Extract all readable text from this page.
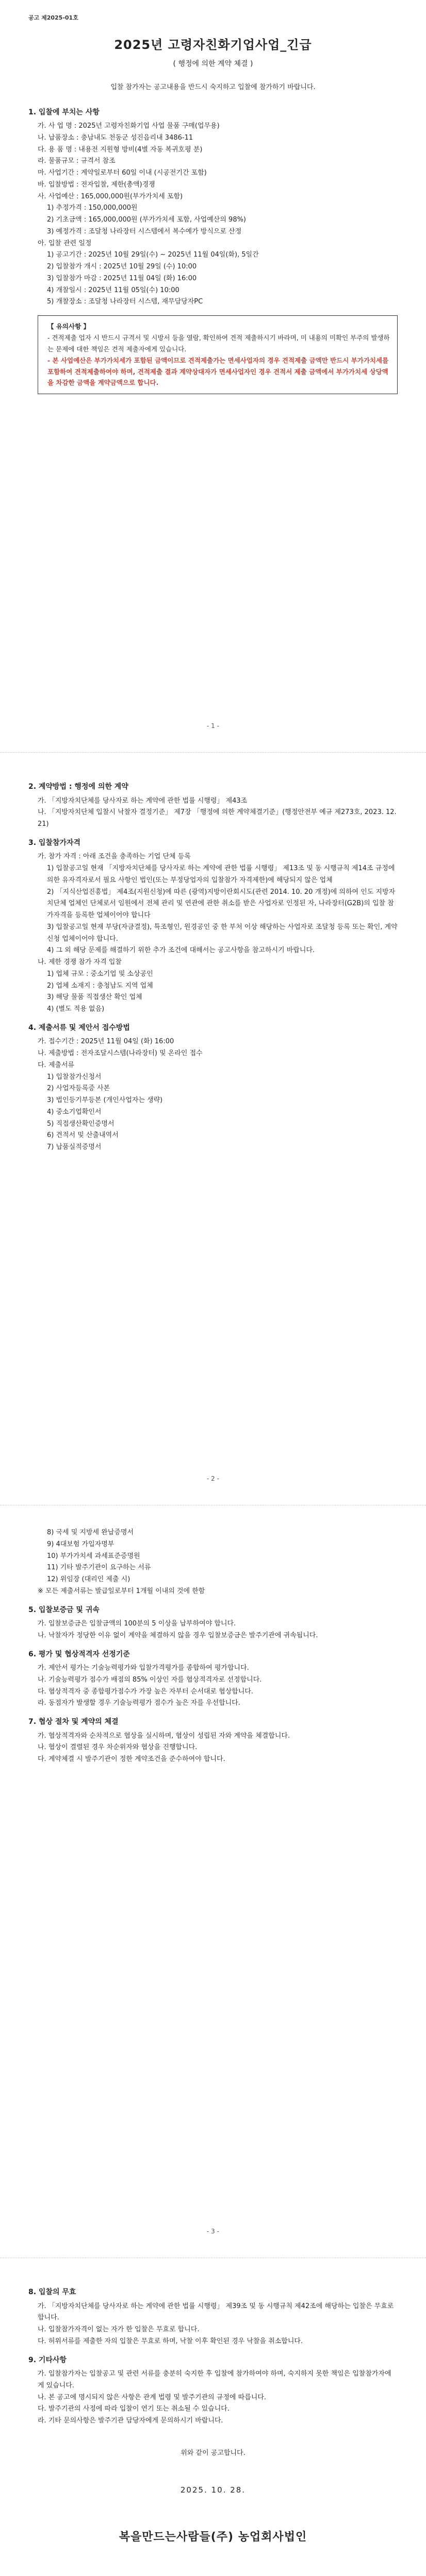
공고 제2025-01호
2025년 고령자친화기업사업_긴급
( 행정에 의한 계약 체결 )
입찰 참가자는 공고내용을 반드시 숙지하고 입찰에 참가하기 바랍니다.
1. 입찰에 부치는 사항
가. 사 업 명 : 2025년 고령자친화기업 사업 물품 구매(업무용)
나. 납품장소 : 충남내도 천동군 성진읍리내 3486-11
다. 용 품 명 : 내용전 지원형 방비(4별 자동 복귀호평 분)
라. 물품규모 : 규격서 참조
마. 사업기간 : 계약일로부터 60일 이내 (시공전기간 포함)
바. 입찰방법 : 전자입찰, 제한(총액)경쟁
사. 사업예산 : 165,000,000원(부가가치세 포함)
1) 추정가격 : 150,000,000원
2) 기초금액 : 165,000,000원 (부가가치세 포함, 사업예산의 98%)
3) 예정가격 : 조달청 나라장터 시스템에서 복수예가 방식으로 산정
아. 입찰 관련 일정
1) 공고기간 : 2025년 10월 29일(수) ~ 2025년 11월 04일(화), 5일간
2) 입찰참가 개시 : 2025년 10월 29일 (수) 10:00
3) 입찰참가 마감 : 2025년 11월 04일 (화) 16:00
4) 개찰일시 : 2025년 11월 05일(수) 10:00
5) 개찰장소 : 조달청 나라장터 시스템, 재무담당자PC
【 유의사항 】
- 견적제출 업자 시 반드시 규격서 및 시방서 등을 열람, 확인하여 견적 제출하시기 바라며, 미 내용의 미확인 부주의 발생하는 문제에 대한 책임은 견적 제출자에게 있습니다.
- 본 사업예산은 부가가치세가 포함된 금액이므로 견적제출가는 면세사업자의 경우 견적제출 금액만 반드시 부가가치세를 포함하여 견적제출하여야 하며, 견적제출 결과 계약상대자가 면세사업자인 경우 견적서 제출 금액에서 부가가치세 상당액을 차감한 금액을 계약금액으로 합니다.
- 1 -
2. 계약방법 : 행정에 의한 계약
가. 「지방자치단체를 당사자로 하는 계약에 관한 법률 시행령」 제43조
나. 「지방자치단체 입찰시 낙찰자 결정기준」 제7장 「행정에 의한 계약체결기준」(행정안전부 예규 제273호, 2023. 12. 21)
3. 입찰참가자격
가. 참가 자격 : 아래 조건을 충족하는 기업 단체 등록
1) 입찰공고일 현재 「지방자치단체를 당사자로 하는 계약에 관한 법률 시행령」 제13조 및 동 시행규칙 제14조 규정에 의한 유자격자로서 필요 사항인 법인(또는 부정당업자의 입찰참가 자격제한)에 해당되지 않은 업체
2) 「지식산업진흥법」 제4조(지원신청)에 따른 (광역)지방이란회시도(관련 2014. 10. 20 개정)에 의하여 인도 지방자치단체 업체인 단체로서 임원에서 전체 관리 및 연관에 관한 취소를 받은 사업자로 인정된 자, 나라장터(G2B)의 입찰 참가자격을 등록한 업체이어야 합니다
3) 입찰공고일 현재 부당(자금결정), 특조형인, 원경공인 중 한 부처 이상 해당하는 사업자로 조달청 등록 또는 확인, 계약 신청 업체이어야 합니다.
4) 그 외 해당 문제를 해결하기 위한 추가 조건에 대해서는 공고사항을 참고하시기 바랍니다.
나. 제한 경쟁 참가 자격 입찰
1) 업체 규모 : 중소기업 및 소상공인
2) 업체 소재지 : 충청남도 지역 업체
3) 해당 물품 직접생산 확인 업체
4) (별도 적용 없음)
4. 제출서류 및 제안서 접수방법
가. 접수기간 : 2025년 11월 04일 (화) 16:00
나. 제출방법 : 전자조달시스템(나라장터) 및 온라인 접수
다. 제출서류
1) 입찰참가신청서
2) 사업자등록증 사본
3) 법인등기부등본 (개인사업자는 생략)
4) 중소기업확인서
5) 직접생산확인증명서
6) 견적서 및 산출내역서
7) 납품실적증명서
- 2 -
8) 국세 및 지방세 완납증명서
9) 4대보험 가입자명부
10) 부가가치세 과세표준증명원
11) 기타 발주기관이 요구하는 서류
12) 위임장 (대리인 제출 시)
※ 모든 제출서류는 발급일로부터 1개월 이내의 것에 한함
5. 입찰보증금 및 귀속
가. 입찰보증금은 입찰금액의 100분의 5 이상을 납부하여야 합니다.
나. 낙찰자가 정당한 이유 없이 계약을 체결하지 않을 경우 입찰보증금은 발주기관에 귀속됩니다.
6. 평가 및 협상적격자 선정기준
가. 제안서 평가는 기술능력평가와 입찰가격평가를 종합하여 평가합니다.
나. 기술능력평가 점수가 배점의 85% 이상인 자를 협상적격자로 선정합니다.
다. 협상적격자 중 종합평가점수가 가장 높은 자부터 순서대로 협상합니다.
라. 동점자가 발생할 경우 기술능력평가 점수가 높은 자를 우선합니다.
7. 협상 절차 및 계약의 체결
가. 협상적격자와 순차적으로 협상을 실시하며, 협상이 성립된 자와 계약을 체결합니다.
나. 협상이 결렬된 경우 차순위자와 협상을 진행합니다.
다. 계약체결 시 발주기관이 정한 계약조건을 준수하여야 합니다.
- 3 -
8. 입찰의 무효
가. 「지방자치단체를 당사자로 하는 계약에 관한 법률 시행령」 제39조 및 동 시행규칙 제42조에 해당하는 입찰은 무효로 합니다.
나. 입찰참가자격이 없는 자가 한 입찰은 무효로 합니다.
다. 허위서류를 제출한 자의 입찰은 무효로 하며, 낙찰 이후 확인된 경우 낙찰을 취소합니다.
9. 기타사항
가. 입찰참가자는 입찰공고 및 관련 서류를 충분히 숙지한 후 입찰에 참가하여야 하며, 숙지하지 못한 책임은 입찰참가자에게 있습니다.
나. 본 공고에 명시되지 않은 사항은 관계 법령 및 발주기관의 규정에 따릅니다.
다. 발주기관의 사정에 따라 입찰이 연기 또는 취소될 수 있습니다.
라. 기타 문의사항은 발주기관 담당자에게 문의하시기 바랍니다.
위와 같이 공고합니다.
2025. 10. 28.
복을만드는사람들(주) 농업회사법인
